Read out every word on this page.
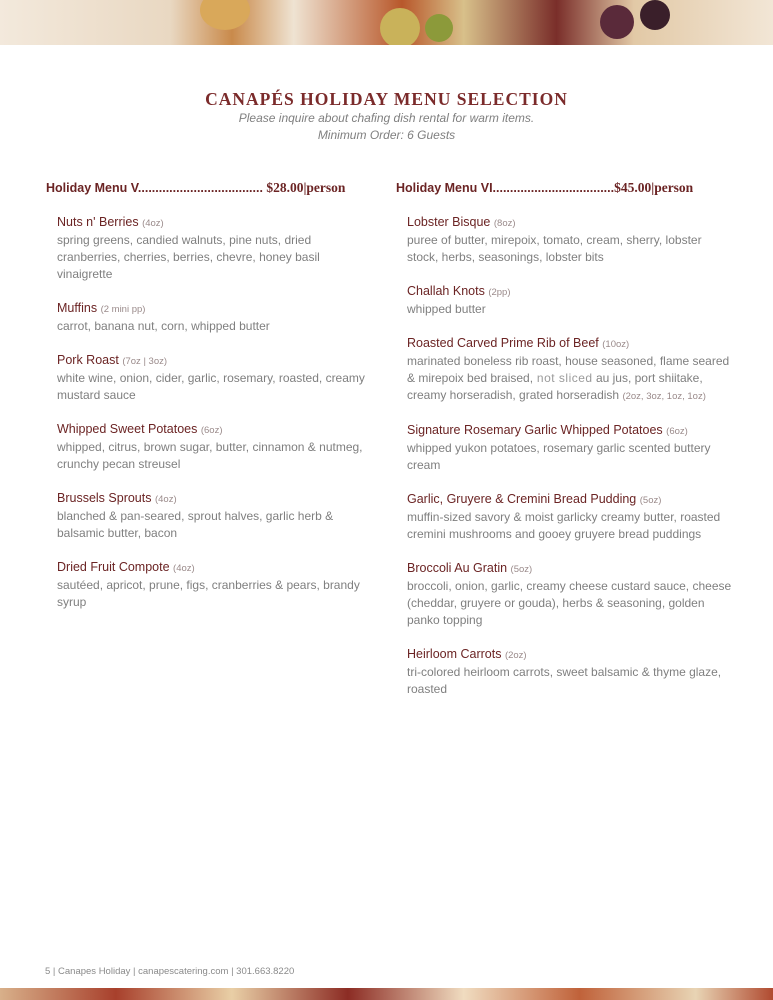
CANAPÉS HOLIDAY MENU SELECTION
Please inquire about chafing dish rental for warm items.
Minimum Order: 6 Guests
Holiday Menu V.................................... $28.00|person
Nuts n' Berries (4oz)
spring greens, candied walnuts, pine nuts, dried cranberries, cherries, berries, chevre, honey basil vinaigrette
Muffins (2 mini pp)
carrot, banana nut, corn, whipped butter
Pork Roast (7oz | 3oz)
white wine, onion, cider, garlic, rosemary, roasted, creamy mustard sauce
Whipped Sweet Potatoes (6oz)
whipped, citrus, brown sugar, butter, cinnamon & nutmeg, crunchy pecan streusel
Brussels Sprouts (4oz)
blanched & pan-seared, sprout halves, garlic herb & balsamic butter, bacon
Dried Fruit Compote (4oz)
sautéed, apricot, prune, figs, cranberries & pears, brandy syrup
Holiday Menu VI...................................$45.00|person
Lobster Bisque (8oz)
puree of butter, mirepoix, tomato, cream, sherry, lobster stock, herbs, seasonings, lobster bits
Challah Knots (2pp)
whipped butter
Roasted Carved Prime Rib of Beef (10oz)
marinated boneless rib roast, house seasoned, flame seared & mirepoix bed braised, not sliced au jus, port shiitake, creamy horseradish, grated horseradish (2oz, 3oz, 1oz, 1oz)
Signature Rosemary Garlic Whipped Potatoes (6oz)
whipped yukon potatoes, rosemary garlic scented buttery cream
Garlic, Gruyere & Cremini Bread Pudding (5oz)
muffin-sized savory & moist garlicky creamy butter, roasted cremini mushrooms and gooey gruyere bread puddings
Broccoli Au Gratin (5oz)
broccoli, onion, garlic, creamy cheese custard sauce, cheese (cheddar, gruyere or gouda), herbs & seasoning, golden panko topping
Heirloom Carrots (2oz)
tri-colored heirloom carrots, sweet balsamic & thyme glaze, roasted
5 | Canapes Holiday | canapescatering.com | 301.663.8220
